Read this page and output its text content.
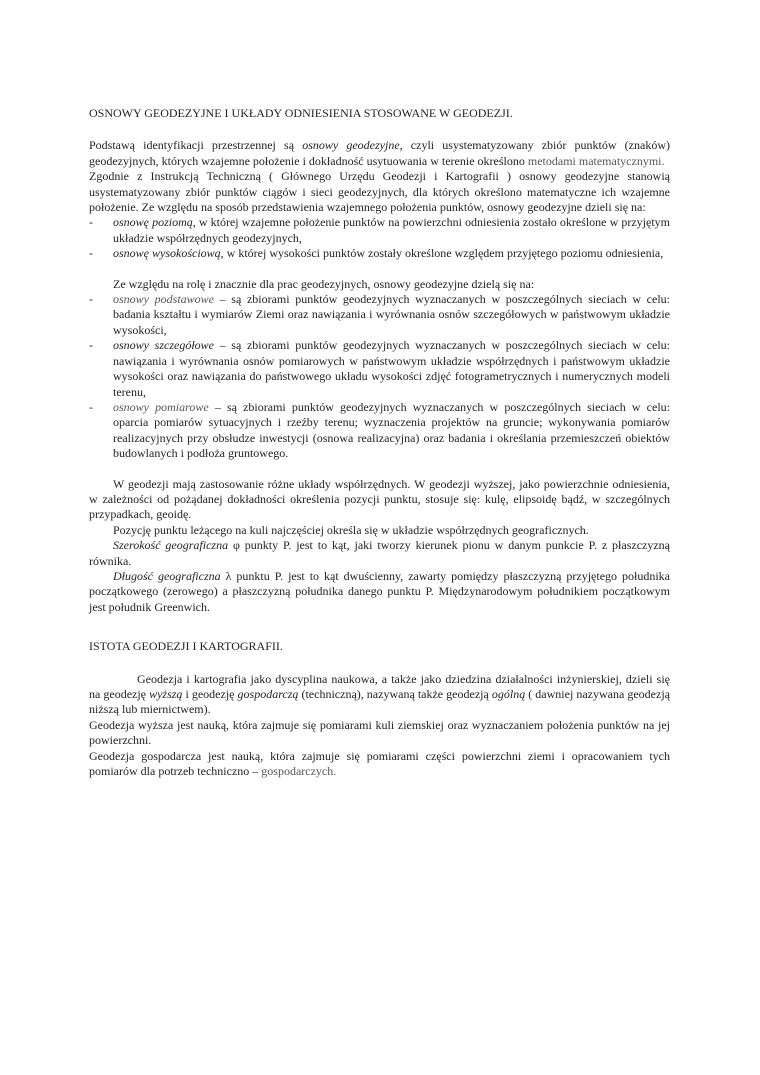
OSNOWY GEODEZYJNE I UKŁADY ODNIESIENIA STOSOWANE W GEODEZJI.

Podstawą identyfikacji przestrzennej są osnowy geodezyjne, czyli usystematyzowany zbiór punktów (znaków) geodezyjnych, których wzajemne położenie i dokładność usytuowania w terenie określono metodami matematycznymi.

Zgodnie z Instrukcją Techniczną ( Głównego Urzędu Geodezji i Kartografii ) osnowy geodezyjne stanowią usystematyzowany zbiór punktów ciągów i sieci geodezyjnych, dla których określono matematyczne ich wzajemne położenie. Ze względu na sposób przedstawienia wzajemnego położenia punktów, osnowy geodezyjne dzieli się na:

- osnowę poziomą, w której wzajemne położenie punktów na powierzchni odniesienia zostało określone w przyjętym układzie współrzędnych geodezyjnych,
- osnowę wysokościową, w której wysokości punktów zostały określone względem przyjętego poziomu odniesienia,

Ze względu na rolę i znacznie dla prac geodezyjnych, osnowy geodezyjne dzielą się na:

- osnowy podstawowe – są zbiorami punktów geodezyjnych wyznaczanych w poszczególnych sieciach w celu: badania kształtu i wymiarów Ziemi oraz nawiązania i wyrównania osnów szczegółowych w państwowym układzie wysokości,
- osnowy szczegółowe – są zbiorami punktów geodezyjnych wyznaczanych w poszczególnych sieciach w celu: nawiązania i wyrównania osnów pomiarowych w państwowym układzie współrzędnych i państwowym układzie wysokości oraz nawiązania do państwowego układu wysokości zdjęć fotogrametrycznych i numerycznych modeli terenu,
- osnowy pomiarowe – są zbiorami punktów geodezyjnych wyznaczanych w poszczególnych sieciach w celu: oparcia pomiarów sytuacyjnych i rzeźby terenu; wyznaczenia projektów na gruncie; wykonywania pomiarów realizacyjnych przy obsłudze inwestycji (osnowa realizacyjna) oraz badania i określania przemieszczeń obiektów budowlanych i podłoża gruntowego.

W geodezji mają zastosowanie różne układy współrzędnych. W geodezji wyższej, jako powierzchnie odniesienia, w zależności od pożądanej dokładności określenia pozycji punktu, stosuje się: kulę, elipsoidę bądź, w szczególnych przypadkach, geoidę.

Pozycję punktu leżącego na kuli najczęściej określa się w układzie współrzędnych geograficznych.

Szerokość geograficzna φ punkty P. jest to kąt, jaki tworzy kierunek pionu w danym punkcie P. z płaszczyzną równika.

Długość geograficzna λ punktu P. jest to kąt dwuścienny, zawarty pomiędzy płaszczyzną przyjętego południka początkowego (zerowego) a płaszczyzną południka danego punktu P. Międzynarodowym południkiem początkowym jest południk Greenwich.

ISTOTA GEODEZJI I KARTOGRAFII.

Geodezja i kartografia jako dyscyplina naukowa, a także jako dziedzina działalności inżynierskiej, dzieli się na geodezję wyższą i geodezję gospodarczą (techniczną), nazywaną także geodezją ogólną ( dawniej nazywana geodezją niższą lub miernictwem).

Geodezja wyższa jest nauką, która zajmuje się pomiarami kuli ziemskiej oraz wyznaczaniem położenia punktów na jej powierzchni.

Geodezja gospodarcza jest nauką, która zajmuje się pomiarami części powierzchni ziemi i opracowaniem tych pomiarów dla potrzeb techniczno – gospodarczych.
